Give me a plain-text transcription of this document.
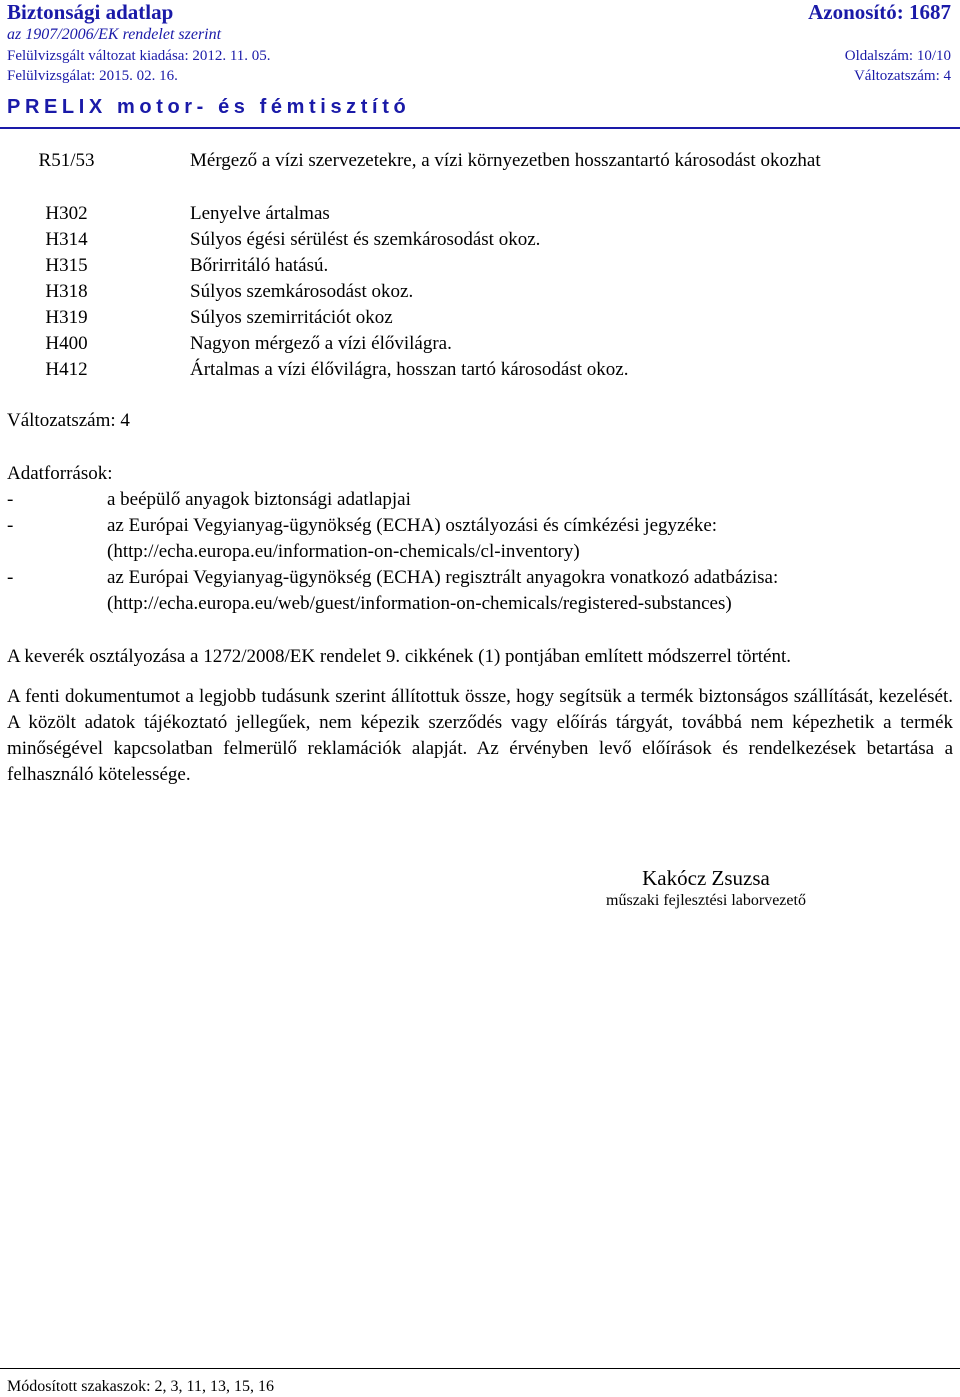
Biztonsági adatlap	Azonosító: 1687
az 1907/2006/EK rendelet szerint
Felülvizsgált változat kiadása: 2012. 11. 05.	Oldalszám: 10/10
Felülvizsgálat: 2015. 02. 16.	Változatszám: 4
PRELIX motor- és fémtisztító
R51/53	Mérgező a vízi szervezetekre, a vízi környezetben hosszantartó károsodást okozhat
H302	Lenyelve ártalmas
H314	Súlyos égési sérülést és szemkárosodást okoz.
H315	Bőrirritáló hatású.
H318	Súlyos szemkárosodást okoz.
H319	Súlyos szemirritációt okoz
H400	Nagyon mérgező a vízi élővilágra.
H412	Ártalmas a vízi élővilágra, hosszan tartó károsodást okoz.
Változatszám: 4
Adatforrások:
-	a beépülő anyagok biztonsági adatlapjai
-	az Európai Vegyianyag-ügynökség (ECHA) osztályozási és címkézési jegyzéke:
(http://echa.europa.eu/information-on-chemicals/cl-inventory)
-	az Európai Vegyianyag-ügynökség (ECHA) regisztrált anyagokra vonatkozó adatbázisa:
(http://echa.europa.eu/web/guest/information-on-chemicals/registered-substances)
A keverék osztályozása a 1272/2008/EK rendelet 9. cikkének (1) pontjában említett módszerrel történt.
A fenti dokumentumot a legjobb tudásunk szerint állítottuk össze, hogy segítsük a termék biztonságos szállítását, kezelését. A közölt adatok tájékoztató jellegűek, nem képezik szerződés vagy előírás tárgyát, továbbá nem képezhetik a termék minőségével kapcsolatban felmerülő reklamációk alapját. Az érvényben levő előírások és rendelkezések betartása a felhasználó kötelessége.
Kakócz Zsuzsa
műszaki fejlesztési laborvezető
Módosított szakaszok: 2, 3, 11, 13, 15, 16
